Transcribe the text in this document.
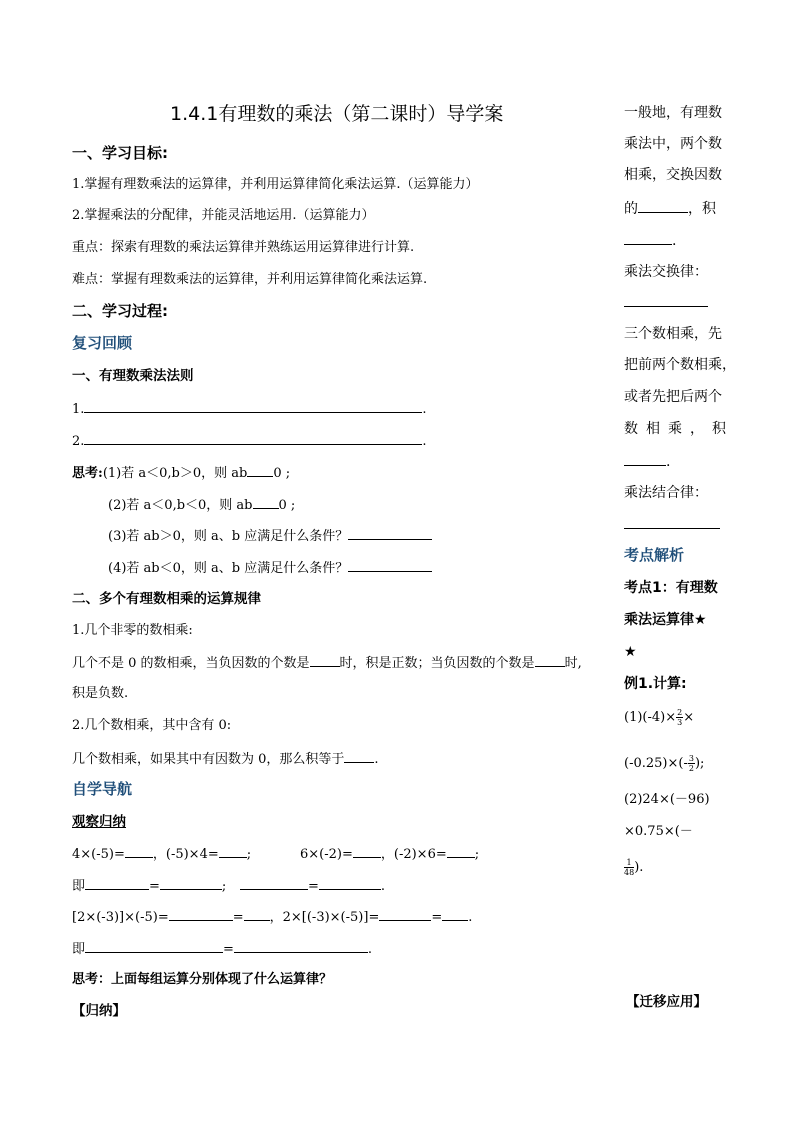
1.4.1有理数的乘法（第二课时）导学案
一、学习目标:
1.掌握有理数乘法的运算律，并利用运算律简化乘法运算.（运算能力）
2.掌握乘法的分配律，并能灵活地运用.（运算能力）
重点：探索有理数的乘法运算律并熟练运用运算律进行计算.
难点：掌握有理数乘法的运算律，并利用运算律简化乘法运算.
二、学习过程:
复习回顾
一、有理数乘法法则
1.	.
2.	.
思考:(1)若 a＜0,b＞0，则 ab 0 ;
(2)若 a＜0,b＜0，则 ab 0 ;
(3)若 ab＞0，则 a、b 应满足什么条件？
(4)若 ab＜0，则 a、b 应满足什么条件？
二、多个有理数相乘的运算规律
1.几个非零的数相乘:
几个不是 0 的数相乘，当负因数的个数是 时，积是正数；当负因数的个数是 时,
积是负数.
2.几个数相乘，其中含有 0:
几个数相乘，如果其中有因数为 0，那么积等于 .
自学导航
观察归纳
4×(-5)= ，(-5)×4= ;	6×(-2)= ，(-2)×6= ;
即	=	;	=	.
[2×(-3)]×(-5)=	= ，2×[(-3)×(-5)]=	= .
即	=	.
思考：上面每组运算分别体现了什么运算律？
【归纳】
一般地，有理数
乘法中，两个数
相乘，交换因数
的	，积
.
乘法交换律：
三个数相乘，先
把前两个数相乘，
或者先把后两个
数相乘，积
.
乘法结合律：
考点解析
考点1：有理数
乘法运算律★
★
例1.计算:
$(1)(-4)\times \frac{2}{3}$ ×
$(-0.25)\times(- \frac{3}{2}$ );
(2)24×(－96)
×0.75×(－
$\frac{1}{48}$ ).
【迁移应用】
